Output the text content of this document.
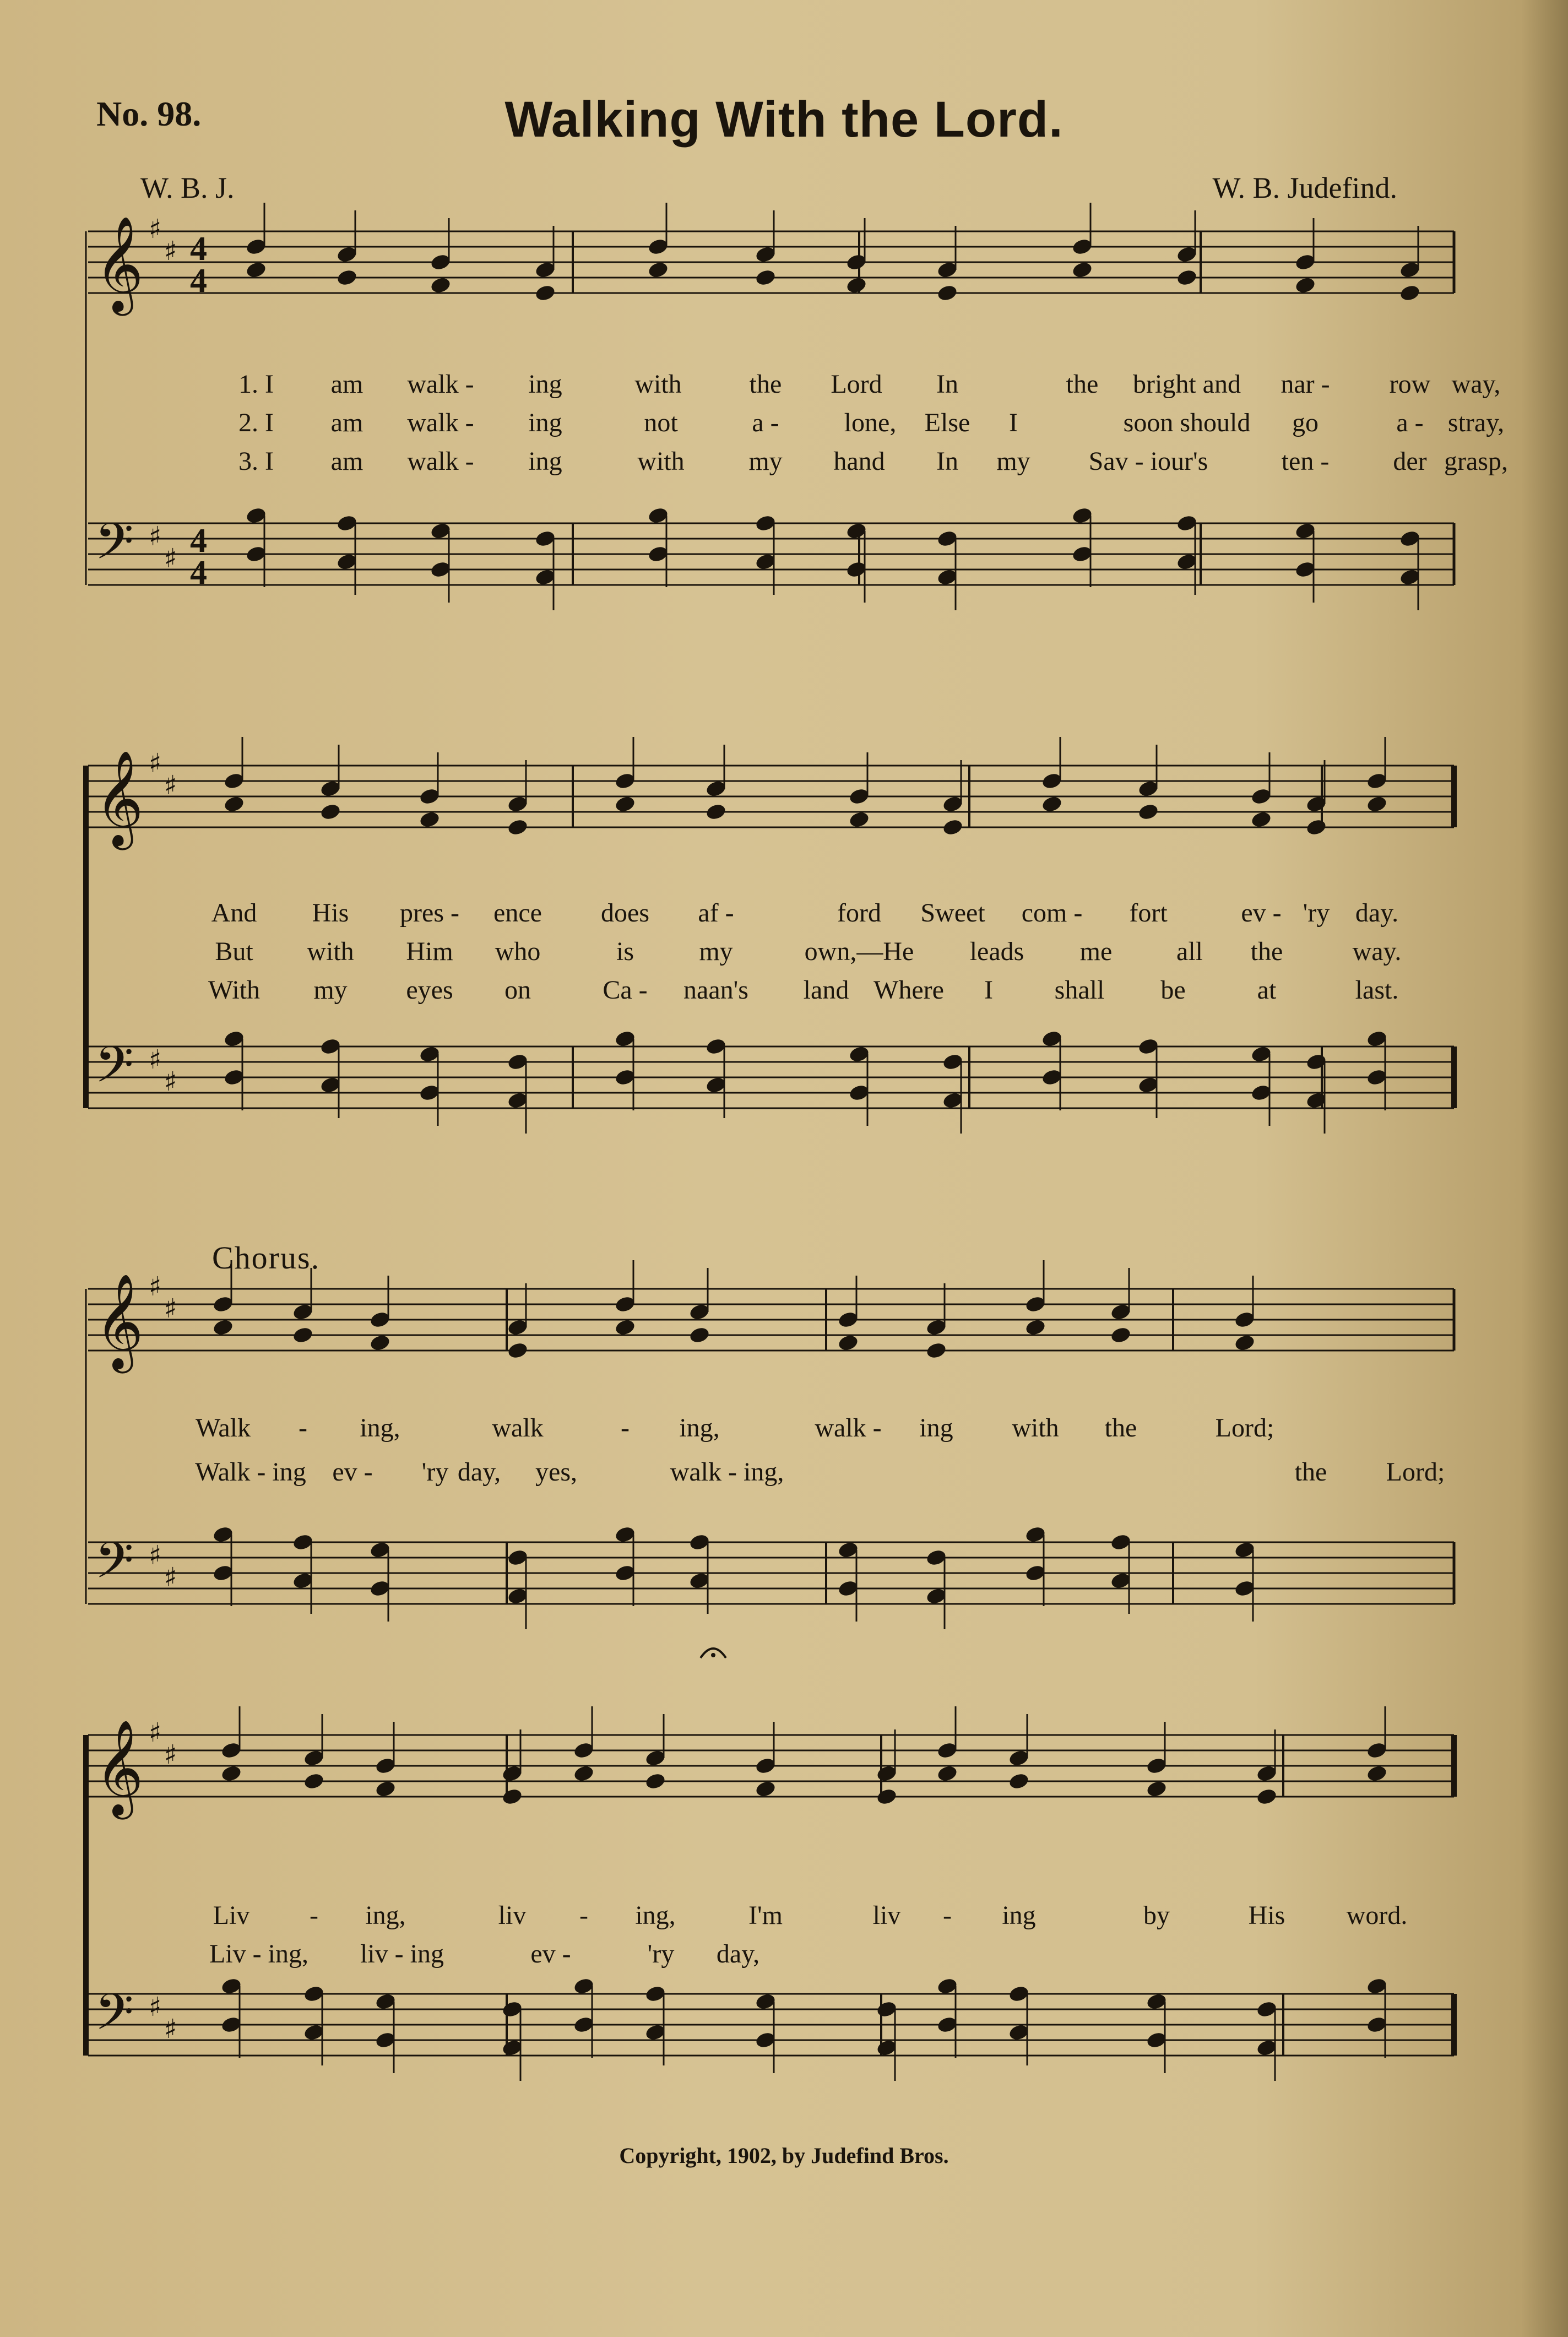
𝄞 ♯
♯ 4
4
𝄢 ♯
♯ 4
4
𝄞 ♯
♯
𝄢 ♯
♯
𝄞 ♯
♯
𝄢 ♯
♯
𝄞 ♯
♯
𝄢 ♯
♯
No. 98.	Walking With the Lord.
W. B. J.	W. B. Judefind.
Chorus.
Copyright, 1902, by Judefind Bros.
1. I am walk - ing	with	the Lord In	the bright and nar - row way,
2. I am walk - ing	not	a - lone, Else I	soon should go	a - stray,
3. I am walk - ing	with my hand In my Sav - iour's	ten - der grasp,
And His pres - ence does af -	ford Sweet com - fort	ev - 'ry day.
But with Him who	is my	own,—He leads me all the	way.
With my eyes on	Ca - naan's land Where I shall be	at	last.
Walk - ing,	walk	- ing,	walk - ing with the	Lord;
Walk - ing ev - 'ry day, yes,	walk - ing,	the Lord;
Liv - ing,	liv - ing,	I'm	liv - ing	by	His word.
Liv - ing, liv - ing	ev -	'ry day,
